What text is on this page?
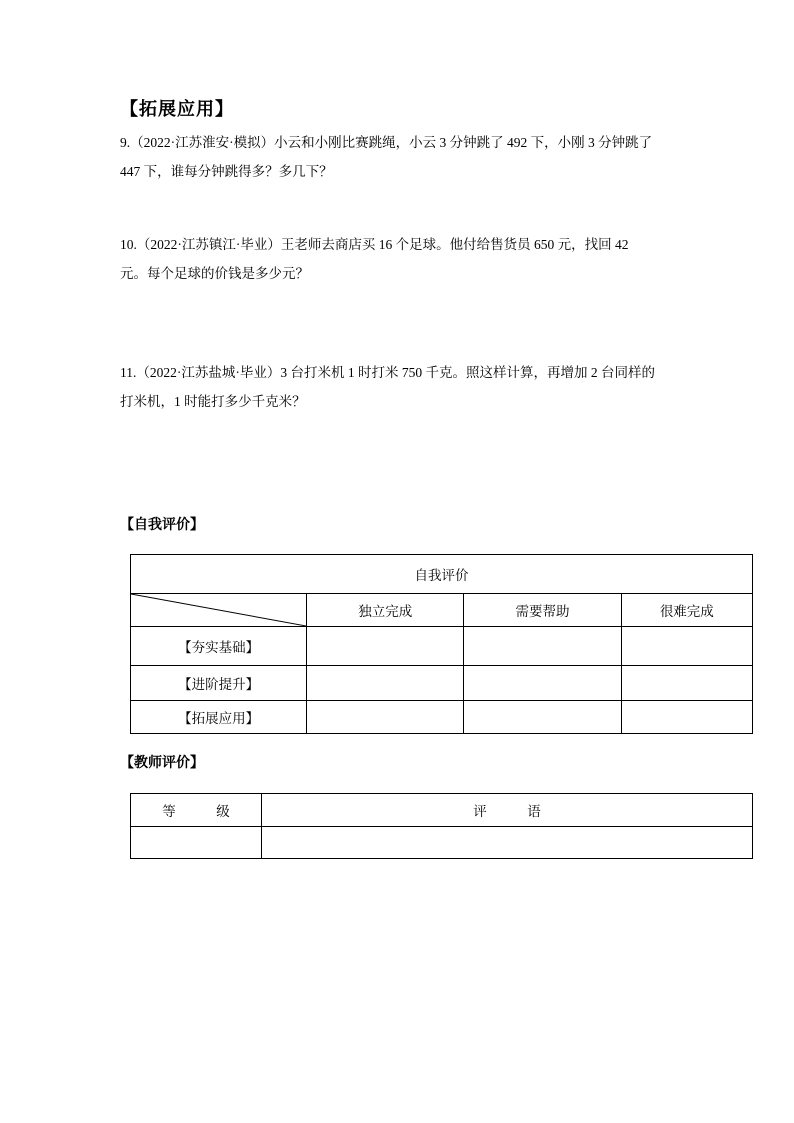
【拓展应用】
9.（2022·江苏淮安·模拟）小云和小刚比赛跳绳，小云 3 分钟跳了 492 下，小刚 3 分钟跳了
447 下，谁每分钟跳得多？多几下？
10.（2022·江苏镇江·毕业）王老师去商店买 16 个足球。他付给售货员 650 元，找回 42
元。每个足球的价钱是多少元？
11.（2022·江苏盐城·毕业）3 台打米机 1 时打米 750 千克。照这样计算，再增加 2 台同样的
打米机，1 时能打多少千克米？
【自我评价】
自我评价			

	独立完成	需要帮助	很难完成
【夯实基础】			
【进阶提升】			
【拓展应用】			
【教师评价】
等　　　级	评　　　语
